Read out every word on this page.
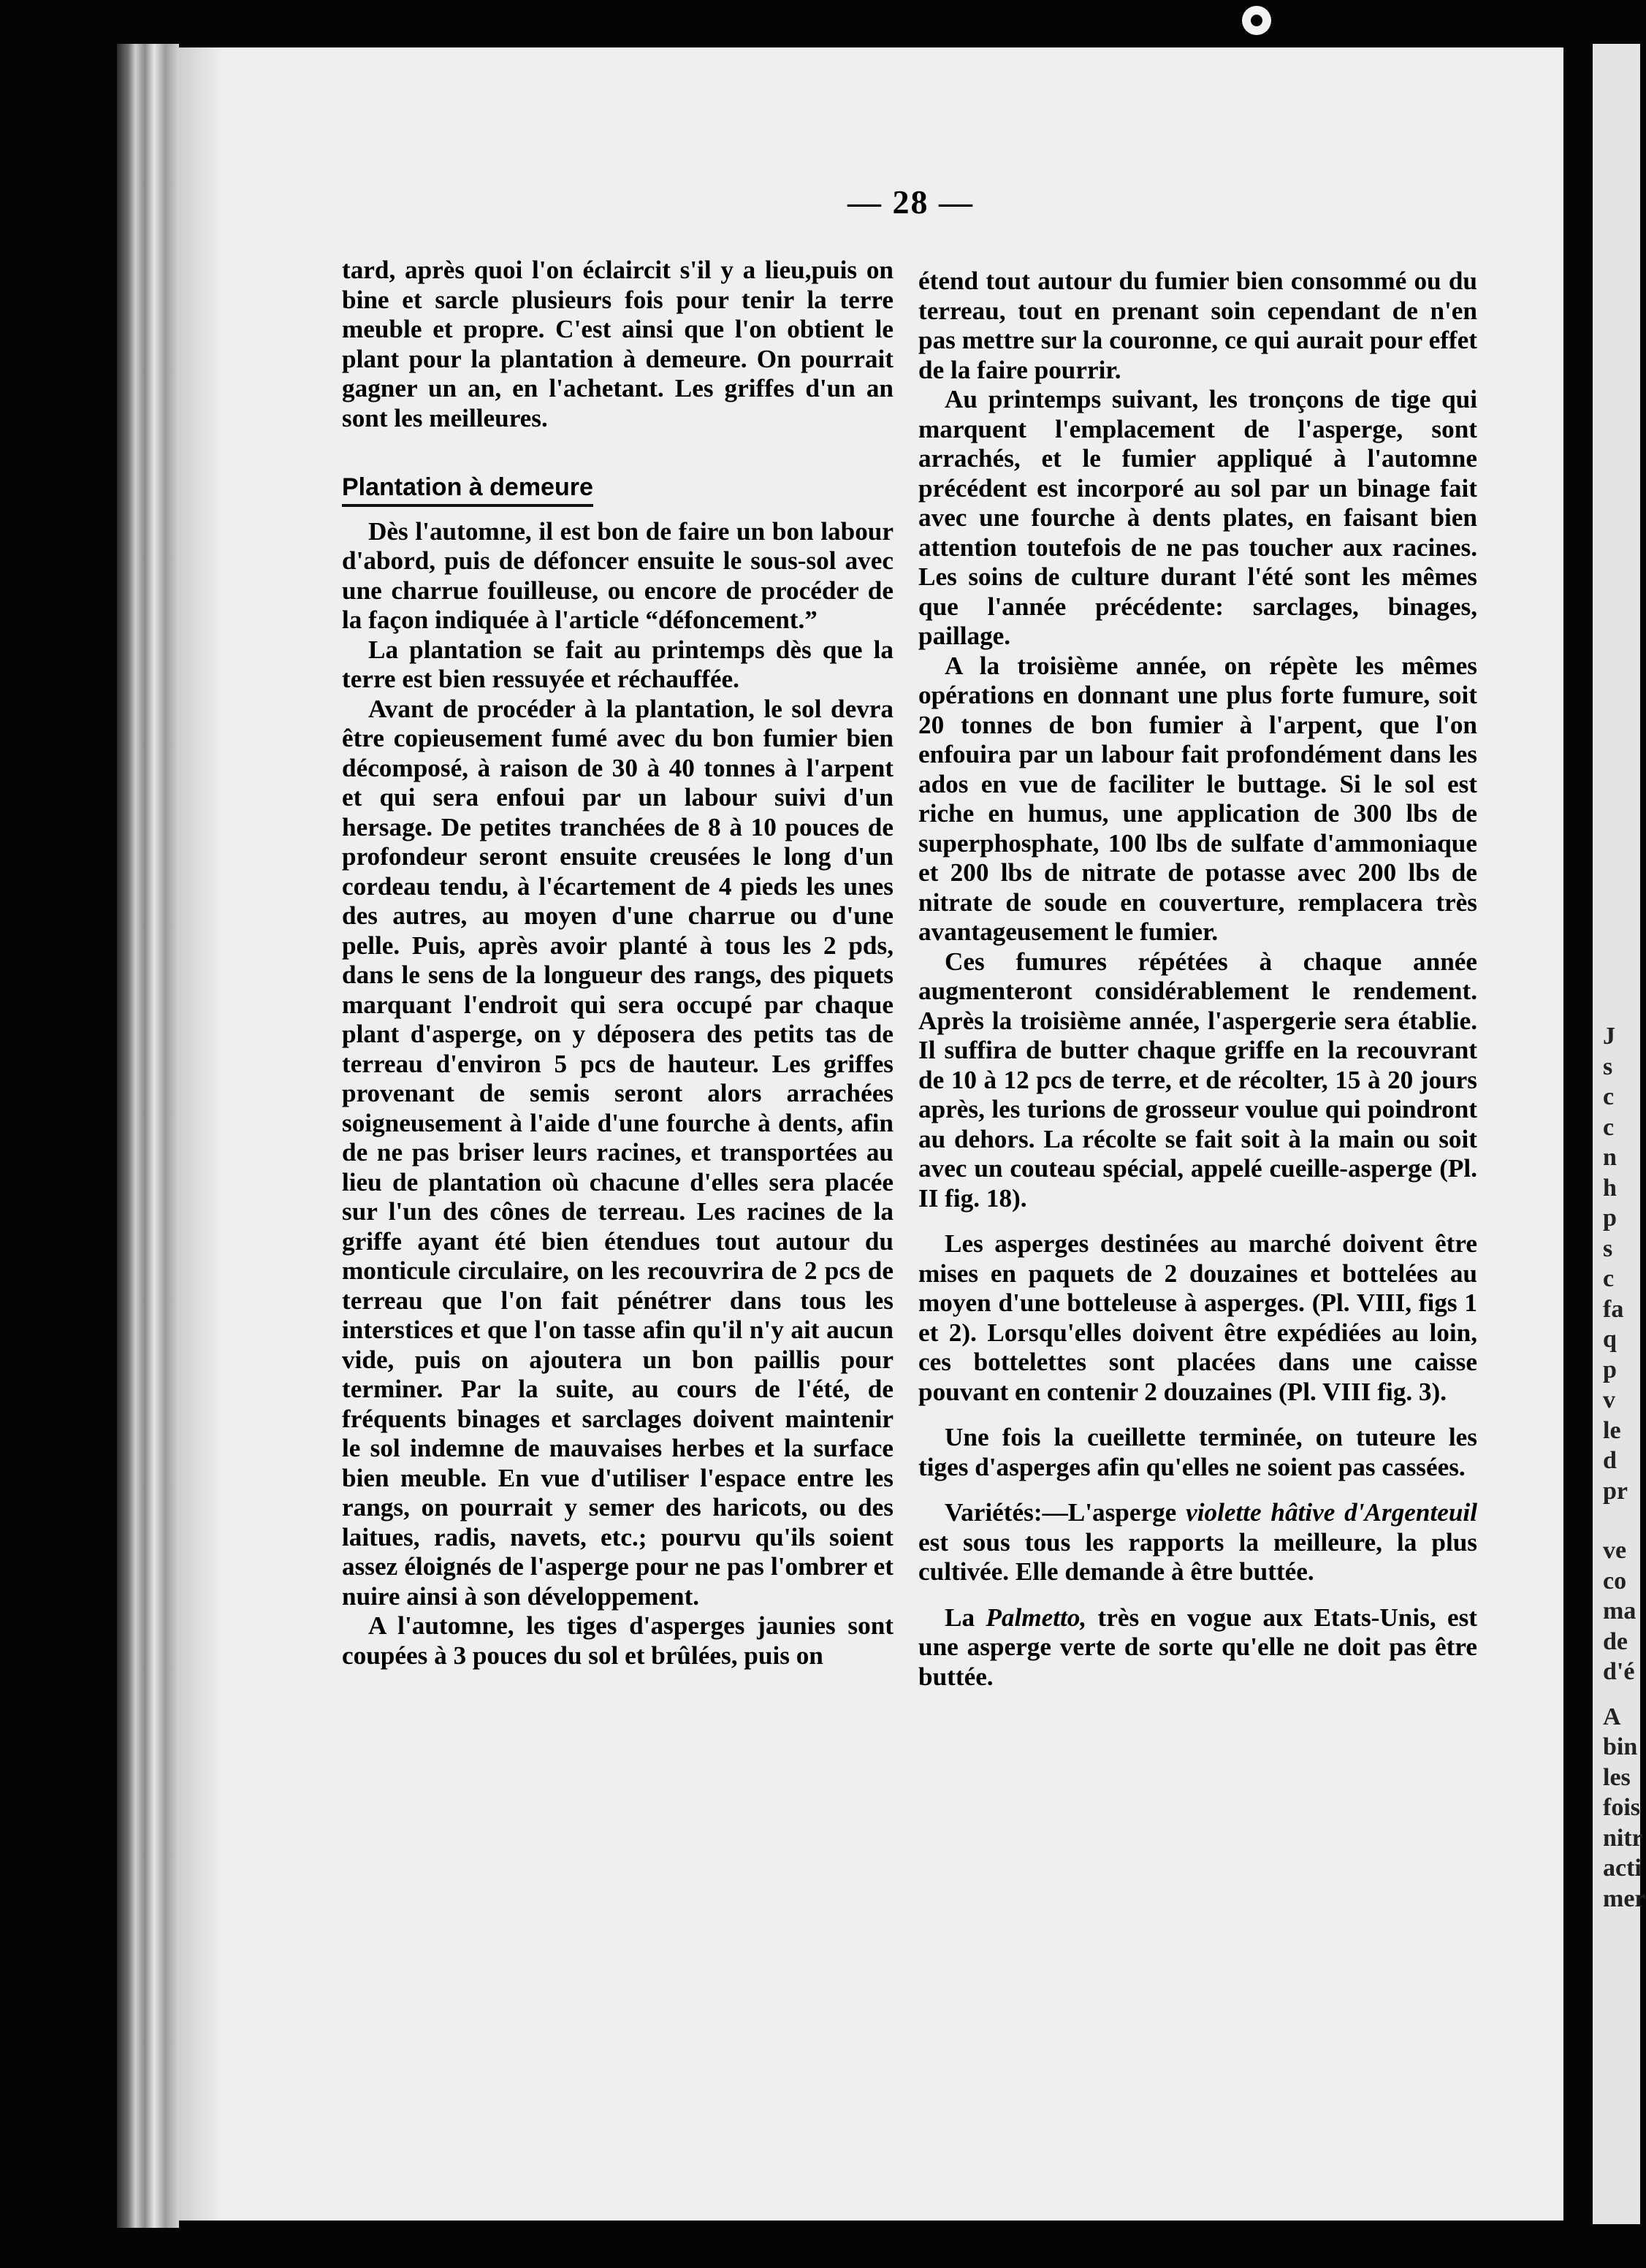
J
s
c
c
n
h
p
s
c
fa
q
p
v
le
d
pr
ve
co
ma
de
d'é
A
bin
les
fois
nitr
acti
mer
— 28 —

tard, après quoi l'on éclaircit s'il y a lieu,puis on bine et sarcle plusieurs fois pour tenir la terre meuble et propre. C'est ainsi que l'on obtient le plant pour la plantation à demeure. On pourrait gagner un an, en l'achetant. Les griffes d'un an sont les meilleures.

Plantation à demeure

Dès l'automne, il est bon de faire un bon labour d'abord, puis de défoncer ensuite le sous-sol avec une charrue fouilleuse, ou encore de procéder de la façon indiquée à l'article “défoncement.”

La plantation se fait au printemps dès que la terre est bien ressuyée et réchauffée.

Avant de procéder à la plantation, le sol devra être copieusement fumé avec du bon fumier bien décomposé, à raison de 30 à 40 tonnes à l'arpent et qui sera enfoui par un labour suivi d'un hersage. De petites tranchées de 8 à 10 pouces de profondeur seront ensuite creusées le long d'un cordeau tendu, à l'écartement de 4 pieds les unes des autres, au moyen d'une charrue ou d'une pelle. Puis, après avoir planté à tous les 2 pds, dans le sens de la longueur des rangs, des piquets marquant l'endroit qui sera occupé par chaque plant d'asperge, on y déposera des petits tas de terreau d'environ 5 pcs de hauteur. Les griffes provenant de semis seront alors arrachées soigneusement à l'aide d'une fourche à dents, afin de ne pas briser leurs racines, et transportées au lieu de plantation où chacune d'elles sera placée sur l'un des cônes de terreau. Les racines de la griffe ayant été bien étendues tout autour du monticule circulaire, on les recouvrira de 2 pcs de terreau que l'on fait pénétrer dans tous les interstices et que l'on tasse afin qu'il n'y ait aucun vide, puis on ajoutera un bon paillis pour terminer. Par la suite, au cours de l'été, de fréquents binages et sarclages doivent maintenir le sol indemne de mauvaises herbes et la surface bien meuble. En vue d'utiliser l'espace entre les rangs, on pourrait y semer des haricots, ou des laitues, radis, navets, etc.; pourvu qu'ils soient assez éloignés de l'asperge pour ne pas l'ombrer et nuire ainsi à son développement.

A l'automne, les tiges d'asperges jaunies sont coupées à 3 pouces du sol et brûlées, puis on

étend tout autour du fumier bien consommé ou du terreau, tout en prenant soin cependant de n'en pas mettre sur la couronne, ce qui aurait pour effet de la faire pourrir.

Au printemps suivant, les tronçons de tige qui marquent l'emplacement de l'asperge, sont arrachés, et le fumier appliqué à l'automne précédent est incorporé au sol par un binage fait avec une fourche à dents plates, en faisant bien attention toutefois de ne pas toucher aux racines. Les soins de culture durant l'été sont les mêmes que l'année précédente: sarclages, binages, paillage.

A la troisième année, on répète les mêmes opérations en donnant une plus forte fumure, soit 20 tonnes de bon fumier à l'arpent, que l'on enfouira par un labour fait profondément dans les ados en vue de faciliter le buttage. Si le sol est riche en humus, une application de 300 lbs de superphosphate, 100 lbs de sulfate d'ammoniaque et 200 lbs de nitrate de potasse avec 200 lbs de nitrate de soude en couverture, remplacera très avantageusement le fumier.

Ces fumures répétées à chaque année augmenteront considérablement le rendement. Après la troisième année, l'aspergerie sera établie. Il suffira de butter chaque griffe en la recouvrant de 10 à 12 pcs de terre, et de récolter, 15 à 20 jours après, les turions de grosseur voulue qui poindront au dehors. La récolte se fait soit à la main ou soit avec un couteau spécial, appelé cueille-asperge (Pl. II fig. 18).

Les asperges destinées au marché doivent être mises en paquets de 2 douzaines et bottelées au moyen d'une botteleuse à asperges. (Pl. VIII, figs 1 et 2). Lorsqu'elles doivent être expédiées au loin, ces bottelettes sont placées dans une caisse pouvant en contenir 2 douzaines (Pl. VIII fig. 3).

Une fois la cueillette terminée, on tuteure les tiges d'asperges afin qu'elles ne soient pas cassées.

Variétés:—L'asperge violette hâtive d'Argenteuil est sous tous les rapports la meilleure, la plus cultivée. Elle demande à être buttée.

La Palmetto, très en vogue aux Etats-Unis, est une asperge verte de sorte qu'elle ne doit pas être buttée.
